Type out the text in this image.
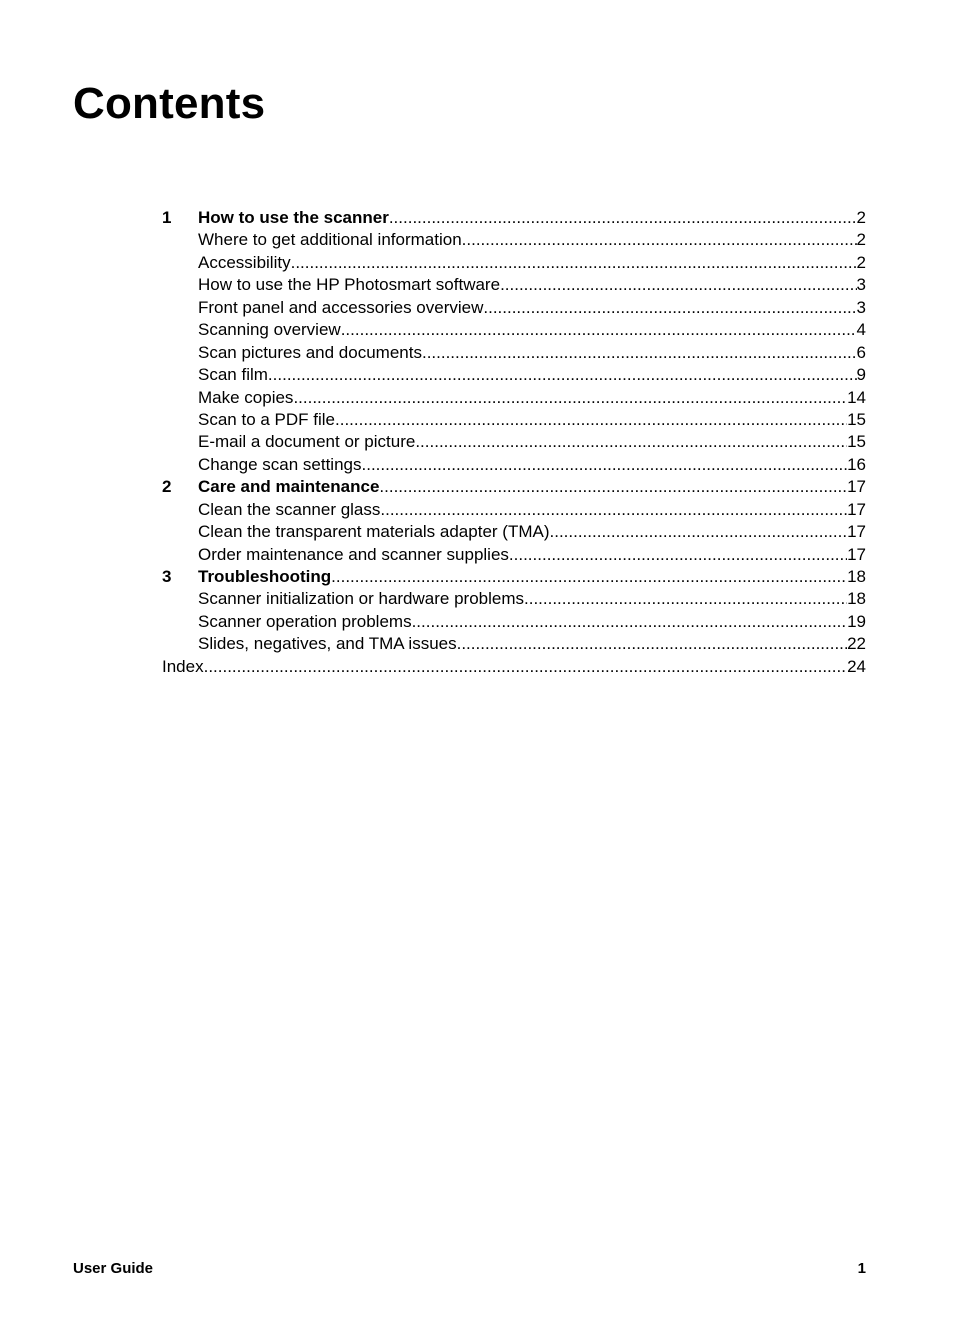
Contents
1	How to use the scanner .....	2
Where to get additional information .....	2
Accessibility .....	2
How to use the HP Photosmart software .....	3
Front panel and accessories overview .....	3
Scanning overview .....	4
Scan pictures and documents .....	6
Scan film .....	9
Make copies .....	14
Scan to a PDF file .....	15
E-mail a document or picture .....	15
Change scan settings .....	16
2	Care and maintenance .....	17
Clean the scanner glass .....	17
Clean the transparent materials adapter (TMA) .....	17
Order maintenance and scanner supplies .....	17
3	Troubleshooting .....	18
Scanner initialization or hardware problems .....	18
Scanner operation problems .....	19
Slides, negatives, and TMA issues .....	22
Index .....	24
User Guide	1
